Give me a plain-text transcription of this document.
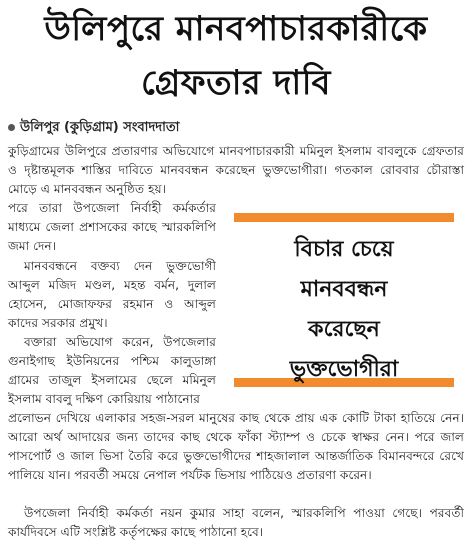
উলিপুরে মানবপাচারকারীকে
গ্রেফতার দাবি
উলিপুর (কুড়িগ্রাম) সংবাদদাতা

কুড়িগ্রামের উলিপুরে প্রতারণার অভিযোগে মানবপাচারকারী মমিনুল ইসলাম বাবলুকে গ্রেফতার ও দৃষ্টান্তমূলক শাস্তির দাবিতে মানববন্ধন করেছেন ভুক্তভোগীরা। গতকাল রোববার চৌরাস্তা মোড়ে এ মানববন্ধন অনুষ্ঠিত হয়।

পরে তারা উপজেলা নির্বাহী কর্মকর্তার মাধ্যমে জেলা প্রশাসকের কাছে স্মারকলিপি জমা দেন।

মানববন্ধনে বক্তব্য দেন ভুক্তভোগী আব্দুল মজিদ মণ্ডল, মহন্ত বর্মন, দুলাল হোসেন, মোজাফফর রহমান ও আব্দুল কাদের সরকার প্রমুখ।

বক্তারা অভিযোগ করেন, উপজেলার গুনাইগাছ ইউনিয়নের পশ্চিম কালুডাঙ্গা গ্রামের তাজুল ইসলামের ছেলে মমিনুল ইসলাম বাবলু দক্ষিণ কোরিয়ায় পাঠানোর

প্রলোভন দেখিয়ে এলাকার সহজ-সরল মানুষের কাছ থেকে প্রায় এক কোটি টাকা হাতিয়ে নেন। আরো অর্থ আদায়ের জন্য তাদের কাছ থেকে ফাঁকা স্ট্যাম্প ও চেকে স্বাক্ষর নেন। পরে জাল পাসপোর্ট ও জাল ভিসা তৈরি করে ভুক্তভোগীদের শাহজালাল আন্তর্জাতিক বিমানবন্দরে রেখে পালিয়ে যান। পরবর্তী সময়ে নেপাল পর্যটক ভিসায় পাঠিয়েও প্রতারণা করেন।

উপজেলা নির্বাহী কর্মকর্তা নয়ন কুমার সাহা বলেন, স্মারকলিপি পাওয়া গেছে। পরবর্তী কার্যদিবসে এটি সংশ্লিষ্ট কর্তৃপক্ষের কাছে পাঠানো হবে।

বিচার চেয়ে
মানববন্ধন
করেছেন
ভুক্তভোগীরা
